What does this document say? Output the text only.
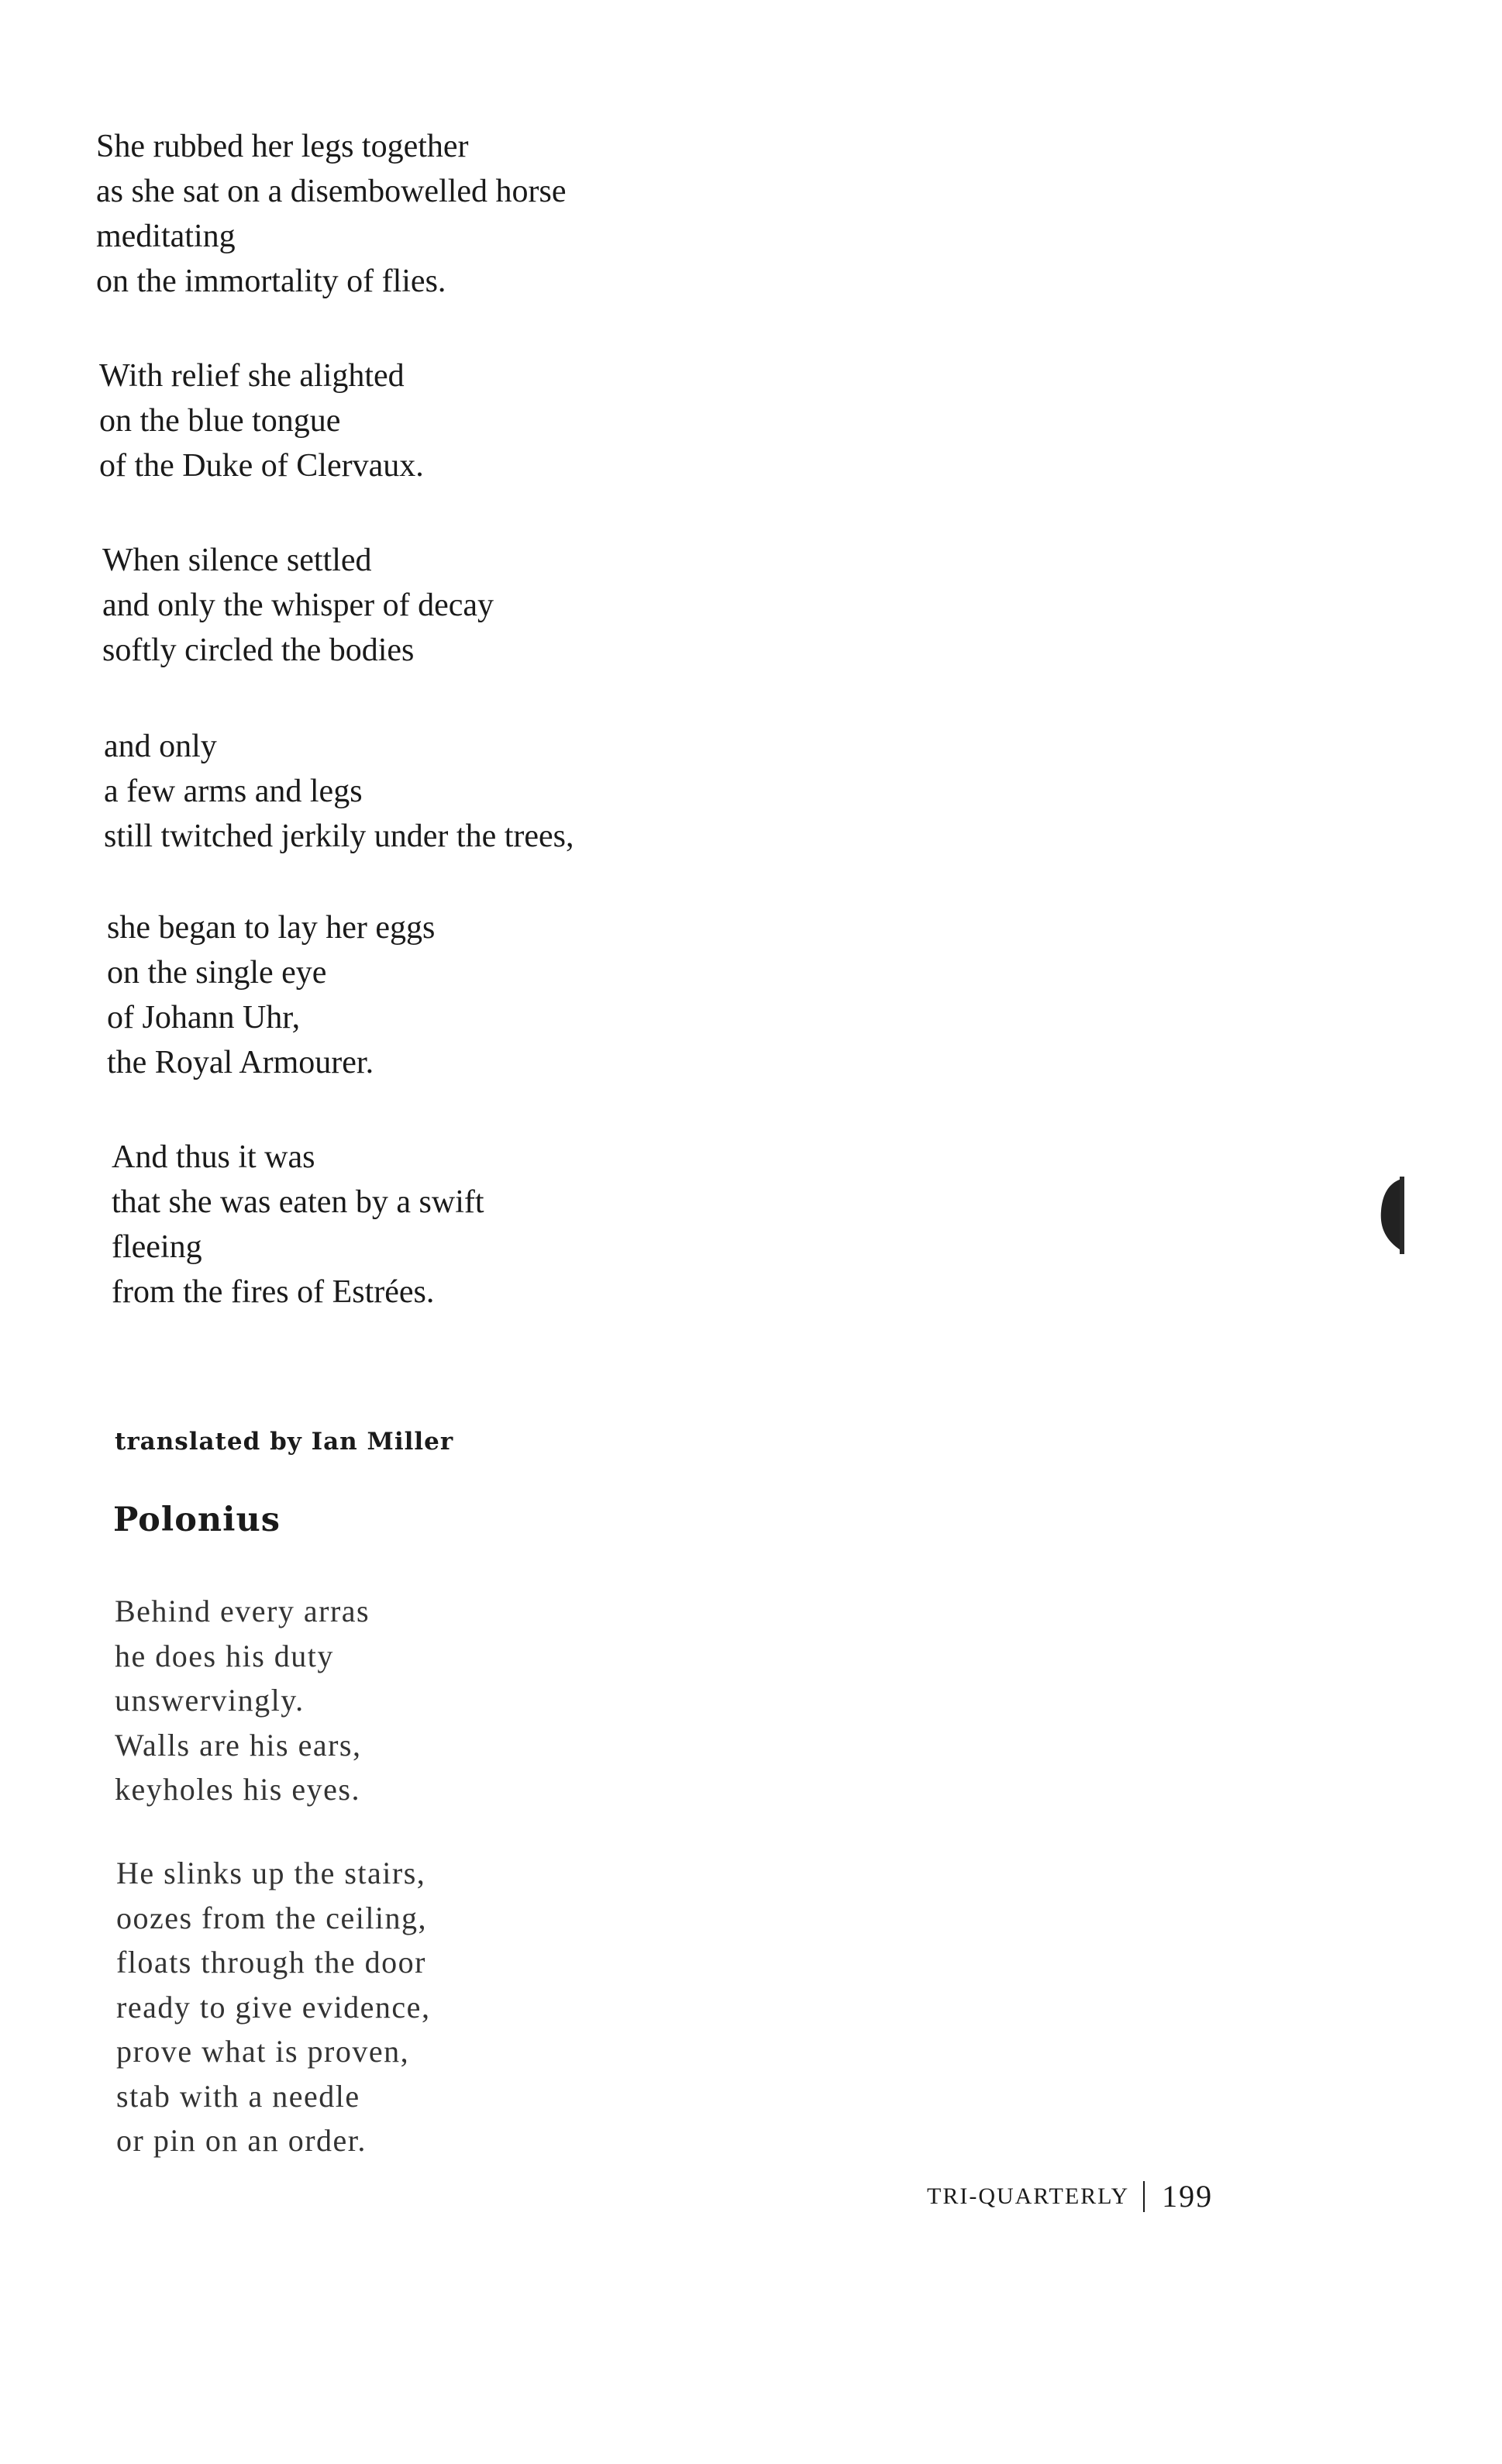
She rubbed her legs together
as she sat on a disembowelled horse
meditating
on the immortality of flies.
With relief she alighted
on the blue tongue
of the Duke of Clervaux.
When silence settled
and only the whisper of decay
softly circled the bodies
and only
a few arms and legs
still twitched jerkily under the trees,
she began to lay her eggs
on the single eye
of Johann Uhr,
the Royal Armourer.
And thus it was
that she was eaten by a swift
fleeing
from the fires of Estrées.
translated by Ian Miller
Polonius
Behind every arras
he does his duty
unswervingly.
Walls are his ears,
keyholes his eyes.
He slinks up the stairs,
oozes from the ceiling,
floats through the door
ready to give evidence,
prove what is proven,
stab with a needle
or pin on an order.
TRI-QUARTERLY 199
